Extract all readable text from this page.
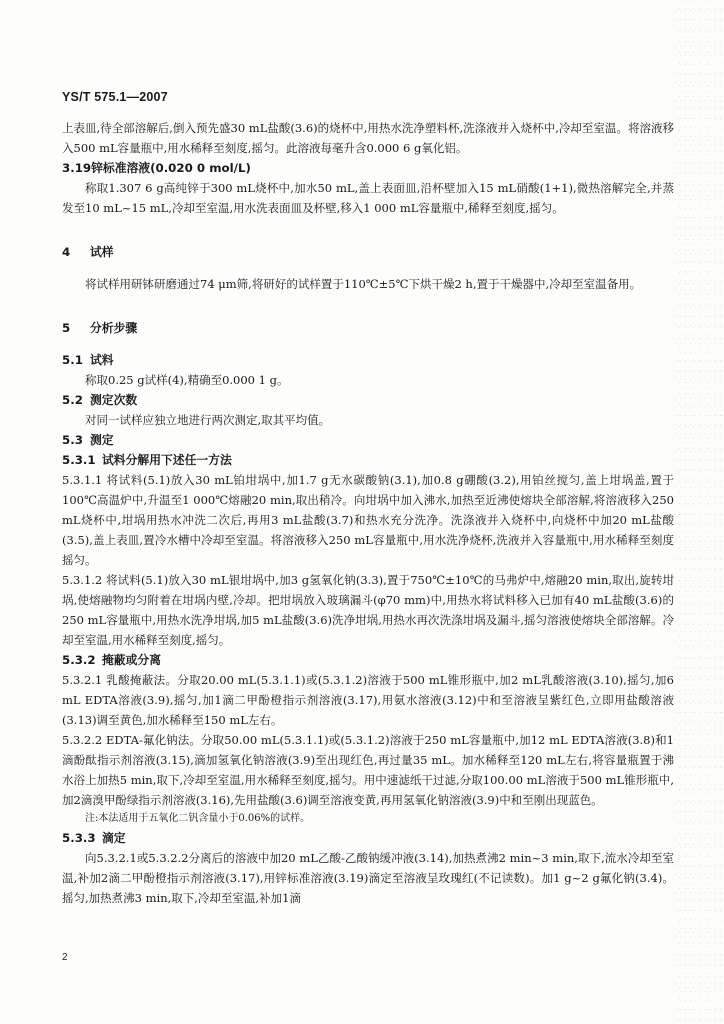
YS/T 575.1—2007

上表皿,待全部溶解后,倒入预先盛30 mL盐酸(3.6)的烧杯中,用热水洗净塑料杯,洗涤液并入烧杯中,冷却至室温。将溶液移入500 mL容量瓶中,用水稀释至刻度,摇匀。此溶液每毫升含0.000 6 g氧化铝。

3.19锌标准溶液(0.020 0 mol/L)

称取1.307 6 g高纯锌于300 mL烧杯中,加水50 mL,盖上表面皿,沿杯壁加入15 mL硝酸(1+1),微热溶解完全,并蒸发至10 mL~15 mL,冷却至室温,用水洗表面皿及杯壁,移入1 000 mL容量瓶中,稀释至刻度,摇匀。

4 试样

将试样用研钵研磨通过74 μm筛,将研好的试样置于110℃±5℃下烘干燥2 h,置于干燥器中,冷却至室温备用。

5 分析步骤

5.1 试料

称取0.25 g试样(4),精确至0.000 1 g。

5.2 测定次数

对同一试样应独立地进行两次测定,取其平均值。

5.3 测定

5.3.1 试料分解用下述任一方法

5.3.1.1 将试料(5.1)放入30 mL铂坩埚中,加1.7 g无水碳酸钠(3.1),加0.8 g硼酸(3.2),用铂丝搅匀,盖上坩埚盖,置于100℃高温炉中,升温至1 000℃熔融20 min,取出稍冷。向坩埚中加入沸水,加热至近沸使熔块全部溶解,将溶液移入250 mL烧杯中,坩埚用热水冲洗二次后,再用3 mL盐酸(3.7)和热水充分洗净。洗涤液并入烧杯中,向烧杯中加20 mL盐酸(3.5),盖上表皿,置冷水槽中冷却至室温。将溶液移入250 mL容量瓶中,用水洗净烧杯,洗液并入容量瓶中,用水稀释至刻度摇匀。

5.3.1.2 将试料(5.1)放入30 mL银坩埚中,加3 g氢氧化钠(3.3),置于750℃±10℃的马弗炉中,熔融20 min,取出,旋转坩埚,使熔融物均匀附着在坩埚内壁,冷却。把坩埚放入玻璃漏斗(φ70 mm)中,用热水将试料移入已加有40 mL盐酸(3.6)的250 mL容量瓶中,用热水洗净坩埚,加5 mL盐酸(3.6)洗净坩埚,用热水再次洗涤坩埚及漏斗,摇匀溶液使熔块全部溶解。冷却至室温,用水稀释至刻度,摇匀。

5.3.2 掩蔽或分离

5.3.2.1 乳酸掩蔽法。分取20.00 mL(5.3.1.1)或(5.3.1.2)溶液于500 mL锥形瓶中,加2 mL乳酸溶液(3.10),摇匀,加6 mL EDTA溶液(3.9),摇匀,加1滴二甲酚橙指示剂溶液(3.17),用氨水溶液(3.12)中和至溶液呈紫红色,立即用盐酸溶液(3.13)调至黄色,加水稀释至150 mL左右。

5.3.2.2 EDTA-氟化钠法。分取50.00 mL(5.3.1.1)或(5.3.1.2)溶液于250 mL容量瓶中,加12 mL EDTA溶液(3.8)和1滴酚酞指示剂溶液(3.15),滴加氢氧化钠溶液(3.9)至出现红色,再过量35 mL。加水稀释至120 mL左右,将容量瓶置于沸水浴上加热5 min,取下,冷却至室温,用水稀释至刻度,摇匀。用中速滤纸干过滤,分取100.00 mL溶液于500 mL锥形瓶中,加2滴溴甲酚绿指示剂溶液(3.16),先用盐酸(3.6)调至溶液变黄,再用氢氧化钠溶液(3.9)中和至刚出现蓝色。

注:本法适用于五氧化二钒含量小于0.06%的试样。

5.3.3 滴定

向5.3.2.1或5.3.2.2分离后的溶液中加20 mL乙酸-乙酸钠缓冲液(3.14),加热煮沸2 min~3 min,取下,流水冷却至室温,补加2滴二甲酚橙指示剂溶液(3.17),用锌标准溶液(3.19)滴定至溶液呈玫瑰红(不记读数)。加1 g~2 g氟化钠(3.4)。摇匀,加热煮沸3 min,取下,冷却至室温,补加1滴

2
